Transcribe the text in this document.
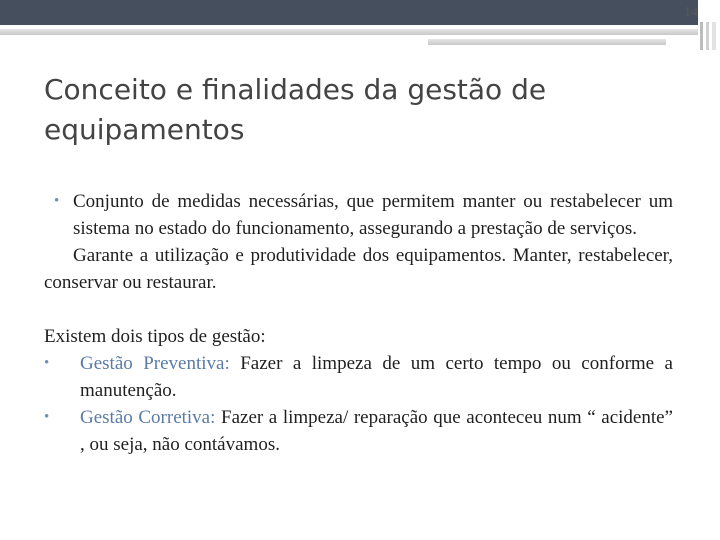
14
Conceito e finalidades da gestão de equipamentos
• Conjunto de medidas necessárias, que permitem manter ou restabelecer um sistema no estado do funcionamento, assegurando a prestação de serviços.
Garante a utilização e produtividade dos equipamentos. Manter, restabelecer, conservar ou restaurar.
Existem dois tipos de gestão:
• Gestão Preventiva: Fazer a limpeza de um certo tempo ou conforme a manutenção.
• Gestão Corretiva: Fazer a limpeza/ reparação que aconteceu num “ acidente” , ou seja, não contávamos.
